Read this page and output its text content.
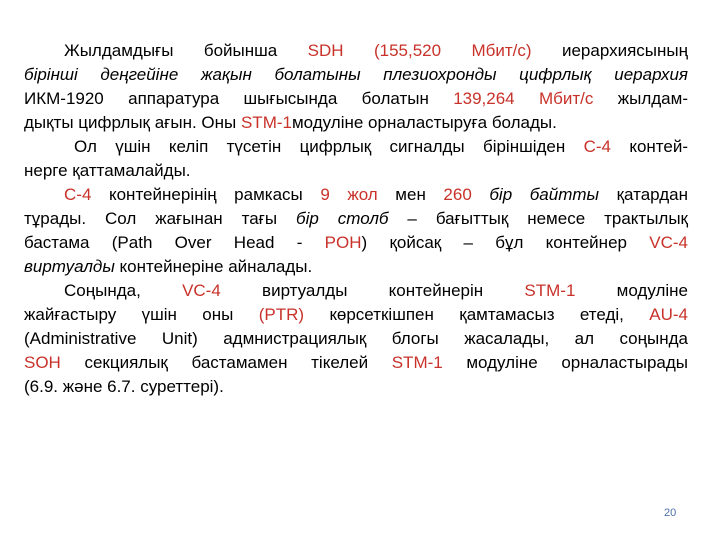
Жылдамдығы бойынша SDH (155,520 Мбит/с) иерархиясының
бірінші деңгейіне жақын болатыны плезиохронды цифрлық иерархия
ИКМ-1920 аппаратура шығысында болатын 139,264 Мбит/с жылдам-
дықты цифрлық ағын. Оны STM-1модуліне орналастыруға болады.
Ол үшін келіп түсетін цифрлық сигналды біріншіден С-4 контей-
нерге қаттамалайды.
С-4 контейнерінің рамкасы 9 жол мен 260 бір байтты қатардан
тұрады. Сол жағынан тағы бір столб – бағыттық немесе трактылық
бастама (Path Over Head - POH) қойсақ – бұл контейнер VC-4
виртуалды контейнеріне айналады.
Соңында, VC-4 виртуалды контейнерін STM-1 модуліне
жайғастыру үшін оны (PTR) көрсеткішпен қамтамасыз етеді, AU-4
(Administrative Unit) адмнистрациялық блогы жасалады, ал соңында
SOH секциялық бастамамен тікелей STM-1 модуліне орналастырады
(6.9. және 6.7. суреттері).
20
